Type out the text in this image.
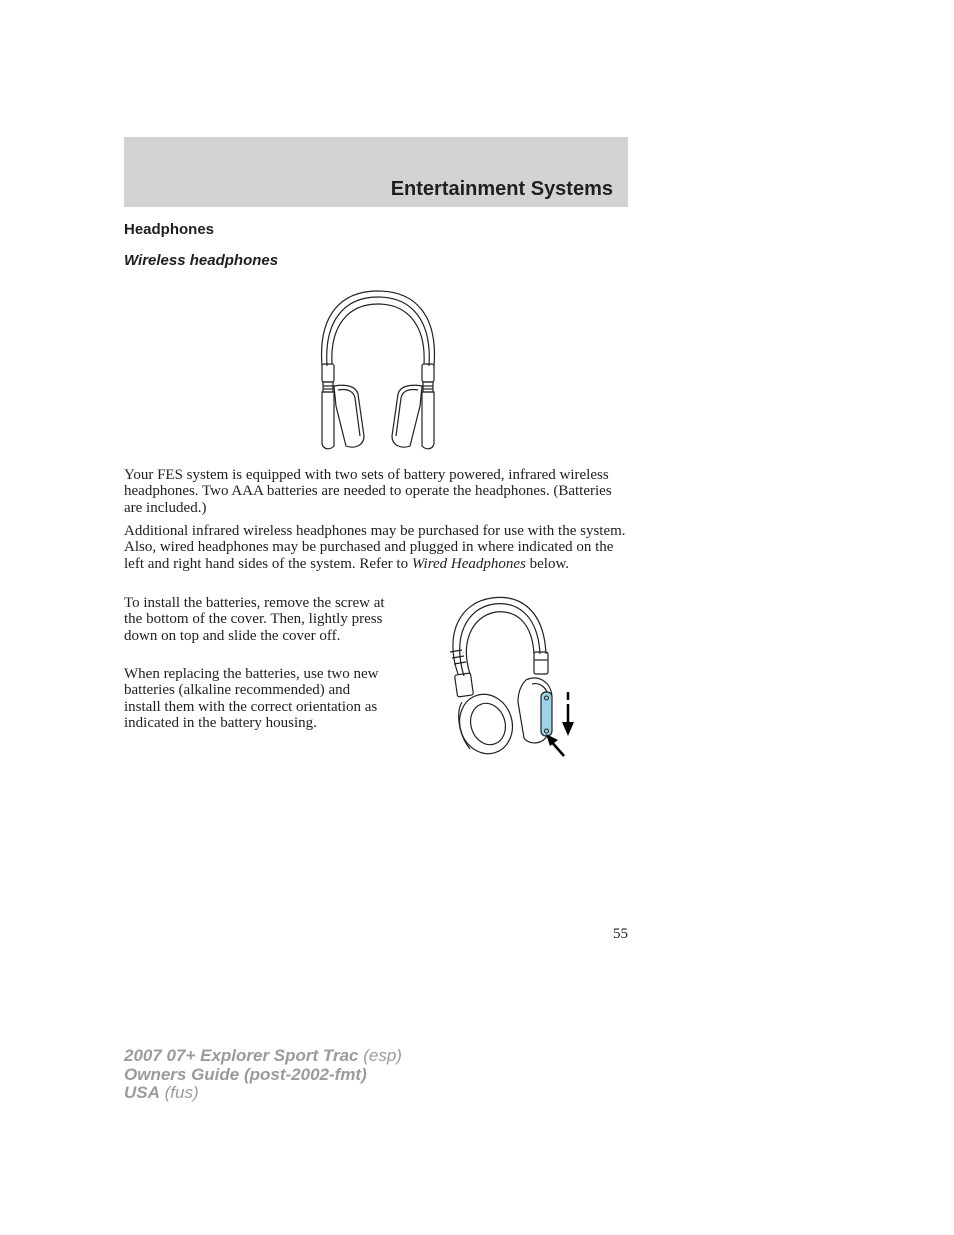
Entertainment Systems
Headphones
Wireless headphones

Your FES system is equipped with two sets of battery powered, infrared wireless headphones. Two AAA batteries are needed to operate the headphones. (Batteries are included.)

Additional infrared wireless headphones may be purchased for use with the system. Also, wired headphones may be purchased and plugged in where indicated on the left and right hand sides of the system. Refer to Wired Headphones below.

To install the batteries, remove the screw at the bottom of the cover. Then, lightly press down on top and slide the cover off.

When replacing the batteries, use two new batteries (alkaline recommended) and install them with the correct orientation as indicated in the battery housing.

55

2007 07+ Explorer Sport Trac (esp)
Owners Guide (post-2002-fmt)
USA (fus)
